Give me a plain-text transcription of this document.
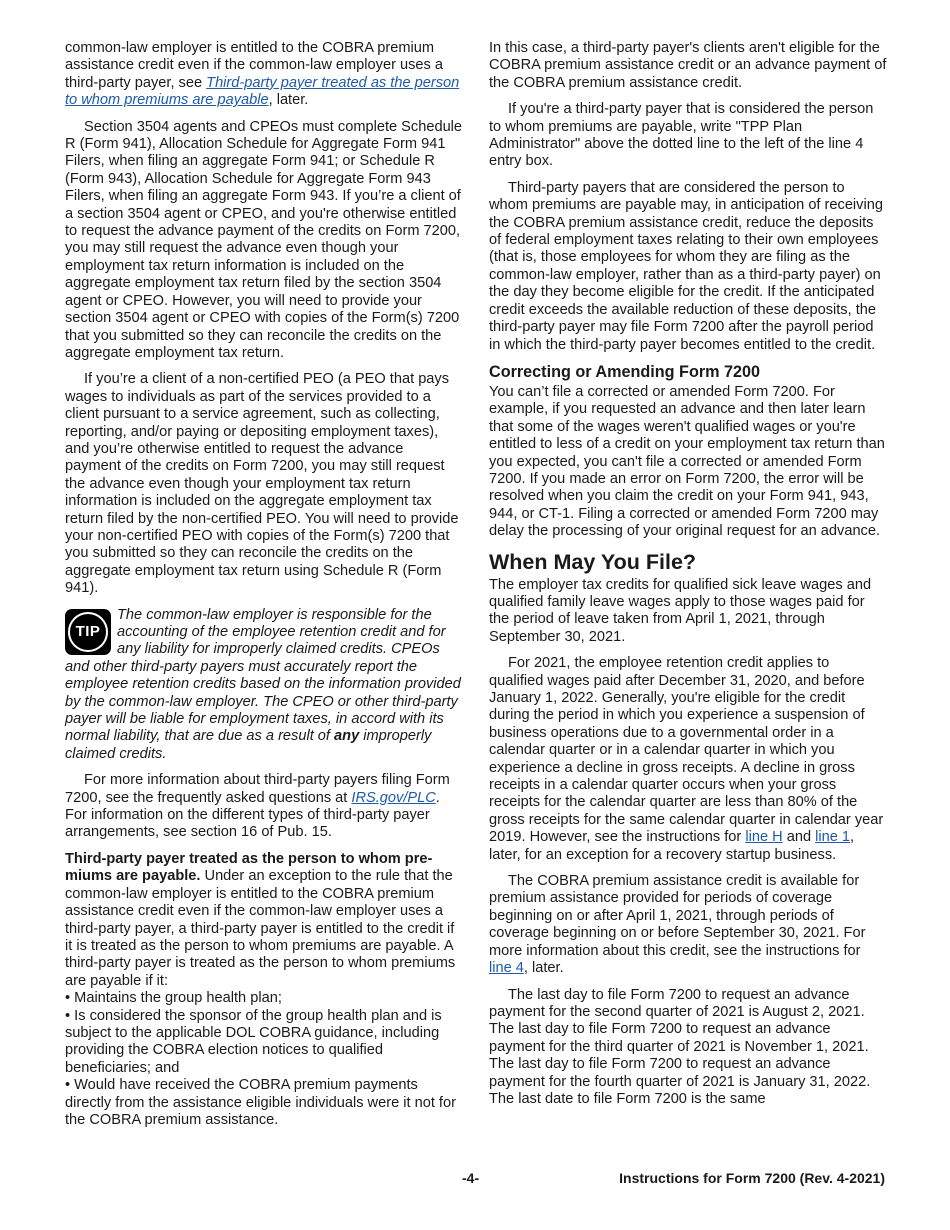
common-law employer is entitled to the COBRA premium assistance credit even if the common-law employer uses a third-party payer, see Third-party payer treated as the person to whom premiums are payable, later.

Section 3504 agents and CPEOs must complete Schedule R (Form 941), Allocation Schedule for Aggregate Form 941 Filers, when filing an aggregate Form 941; or Schedule R (Form 943), Allocation Schedule for Aggregate Form 943 Filers, when filing an aggregate Form 943. If you’re a client of a section 3504 agent or CPEO, and you're otherwise entitled to request the advance payment of the credits on Form 7200, you may still request the advance even though your employment tax return information is included on the aggregate employment tax return filed by the section 3504 agent or CPEO. However, you will need to provide your section 3504 agent or CPEO with copies of the Form(s) 7200 that you submitted so they can reconcile the credits on the aggregate employment tax return.

If you’re a client of a non-certified PEO (a PEO that pays wages to individuals as part of the services provided to a client pursuant to a service agreement, such as collecting, reporting, and/or paying or depositing employment taxes), and you’re otherwise entitled to request the advance payment of the credits on Form 7200, you may still request the advance even though your employment tax return information is included on the aggregate employment tax return filed by the non-certified PEO. You will need to provide your non-certified PEO with copies of the Form(s) 7200 that you submitted so they can reconcile the credits on the aggregate employment tax return using Schedule R (Form 941).

TIP
The common-law employer is responsible for the accounting of the employee retention credit and for any liability for improperly claimed credits. CPEOs and other third-party payers must accurately report the employee retention credits based on the information provided by the common-law employer. The CPEO or other third-party payer will be liable for employment taxes, in accord with its normal liability, that are due as a result of any improperly claimed credits.

For more information about third-party payers filing Form 7200, see the frequently asked questions at IRS.gov/PLC. For information on the different types of third-party payer arrangements, see section 16 of Pub. 15.

Third-party payer treated as the person to whom pre-miums are payable. Under an exception to the rule that the common-law employer is entitled to the COBRA premium assistance credit even if the common-law employer uses a third-party payer, a third-party payer is entitled to the credit if it is treated as the person to whom premiums are payable. A third-party payer is treated as the person to whom premiums are payable if it:

• Maintains the group health plan;
• Is considered the sponsor of the group health plan and is subject to the applicable DOL COBRA guidance, including providing the COBRA election notices to qualified beneficiaries; and
• Would have received the COBRA premium payments directly from the assistance eligible individuals were it not for the COBRA premium assistance.

In this case, a third-party payer's clients aren't eligible for the COBRA premium assistance credit or an advance payment of the COBRA premium assistance credit.

If you're a third-party payer that is considered the person to whom premiums are payable, write "TPP Plan Administrator" above the dotted line to the left of the line 4 entry box.

Third-party payers that are considered the person to whom premiums are payable may, in anticipation of receiving the COBRA premium assistance credit, reduce the deposits of federal employment taxes relating to their own employees (that is, those employees for whom they are filing as the common-law employer, rather than as a third-party payer) on the day they become eligible for the credit. If the anticipated credit exceeds the available reduction of these deposits, the third-party payer may file Form 7200 after the payroll period in which the third-party payer becomes entitled to the credit.

Correcting or Amending Form 7200

You can’t file a corrected or amended Form 7200. For example, if you requested an advance and then later learn that some of the wages weren't qualified wages or you're entitled to less of a credit on your employment tax return than you expected, you can't file a corrected or amended Form 7200. If you made an error on Form 7200, the error will be resolved when you claim the credit on your Form 941, 943, 944, or CT-1. Filing a corrected or amended Form 7200 may delay the processing of your original request for an advance.

When May You File?

The employer tax credits for qualified sick leave wages and qualified family leave wages apply to those wages paid for the period of leave taken from April 1, 2021, through September 30, 2021.

For 2021, the employee retention credit applies to qualified wages paid after December 31, 2020, and before January 1, 2022. Generally, you're eligible for the credit during the period in which you experience a suspension of business operations due to a governmental order in a calendar quarter or in a calendar quarter in which you experience a decline in gross receipts. A decline in gross receipts in a calendar quarter occurs when your gross receipts for the calendar quarter are less than 80% of the gross receipts for the same calendar quarter in calendar year 2019. However, see the instructions for line H and line 1, later, for an exception for a recovery startup business.

The COBRA premium assistance credit is available for premium assistance provided for periods of coverage beginning on or after April 1, 2021, through periods of coverage beginning on or before September 30, 2021. For more information about this credit, see the instructions for line 4, later.

The last day to file Form 7200 to request an advance payment for the second quarter of 2021 is August 2, 2021. The last day to file Form 7200 to request an advance payment for the third quarter of 2021 is November 1, 2021. The last day to file Form 7200 to request an advance payment for the fourth quarter of 2021 is January 31, 2022. The last date to file Form 7200 is the same

-4-	Instructions for Form 7200 (Rev. 4-2021)
